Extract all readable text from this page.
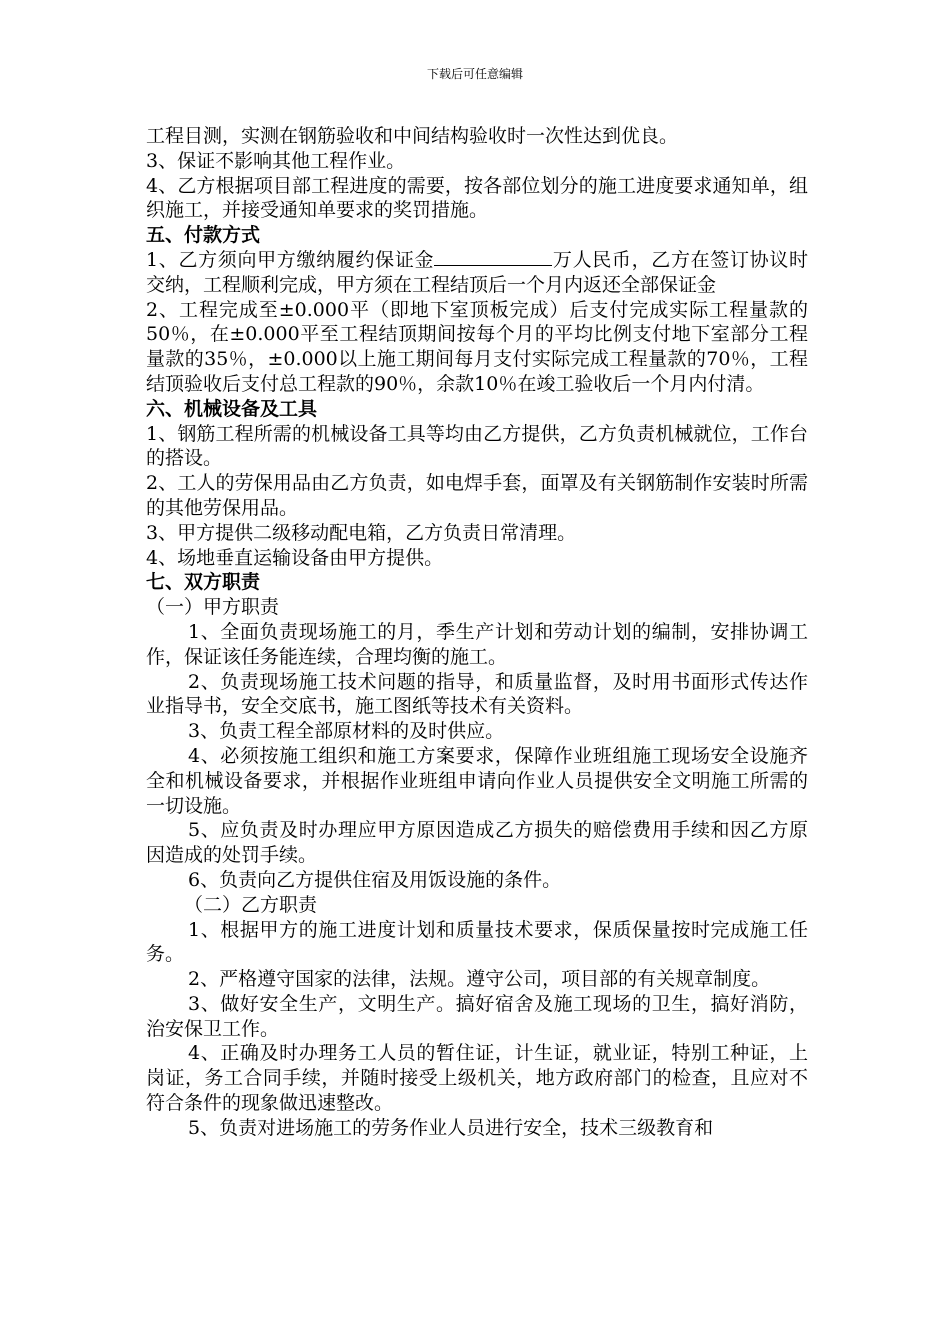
下载后可任意编辑

工程目测，实测在钢筋验收和中间结构验收时一次性达到优良。

3、保证不影响其他工程作业。

4、乙方根据项目部工程进度的需要，按各部位划分的施工进度要求通知单，组织施工，并接受通知单要求的奖罚措施。

五、付款方式

1、乙方须向甲方缴纳履约保证金	万人民币，乙方在签订协议时交纳，工程顺利完成，甲方须在工程结顶后一个月内返还全部保证金

2、工程完成至±0.000平（即地下室顶板完成）后支付完成实际工程量款的50％，在±0.000平至工程结顶期间按每个月的平均比例支付地下室部分工程量款的35％，±0.000以上施工期间每月支付实际完成工程量款的70％，工程结顶验收后支付总工程款的90％，余款10％在竣工验收后一个月内付清。

六、机械设备及工具

1、钢筋工程所需的机械设备工具等均由乙方提供，乙方负责机械就位，工作台的搭设。

2、工人的劳保用品由乙方负责，如电焊手套，面罩及有关钢筋制作安装时所需的其他劳保用品。

3、甲方提供二级移动配电箱，乙方负责日常清理。

4、场地垂直运输设备由甲方提供。

七、双方职责

（一）甲方职责

1、全面负责现场施工的月，季生产计划和劳动计划的编制，安排协调工作，保证该任务能连续，合理均衡的施工。

2、负责现场施工技术问题的指导，和质量监督，及时用书面形式传达作业指导书，安全交底书，施工图纸等技术有关资料。

3、负责工程全部原材料的及时供应。

4、必须按施工组织和施工方案要求，保障作业班组施工现场安全设施齐全和机械设备要求，并根据作业班组申请向作业人员提供安全文明施工所需的一切设施。

5、应负责及时办理应甲方原因造成乙方损失的赔偿费用手续和因乙方原因造成的处罚手续。

6、负责向乙方提供住宿及用饭设施的条件。

（二）乙方职责

1、根据甲方的施工进度计划和质量技术要求，保质保量按时完成施工任务。

2、严格遵守国家的法律，法规。遵守公司，项目部的有关规章制度。

3、做好安全生产，文明生产。搞好宿舍及施工现场的卫生，搞好消防，治安保卫工作。

4、正确及时办理务工人员的暂住证，计生证，就业证，特别工种证，上岗证，务工合同手续，并随时接受上级机关，地方政府部门的检查，且应对不符合条件的现象做迅速整改。

5、负责对进场施工的劳务作业人员进行安全，技术三级教育和
